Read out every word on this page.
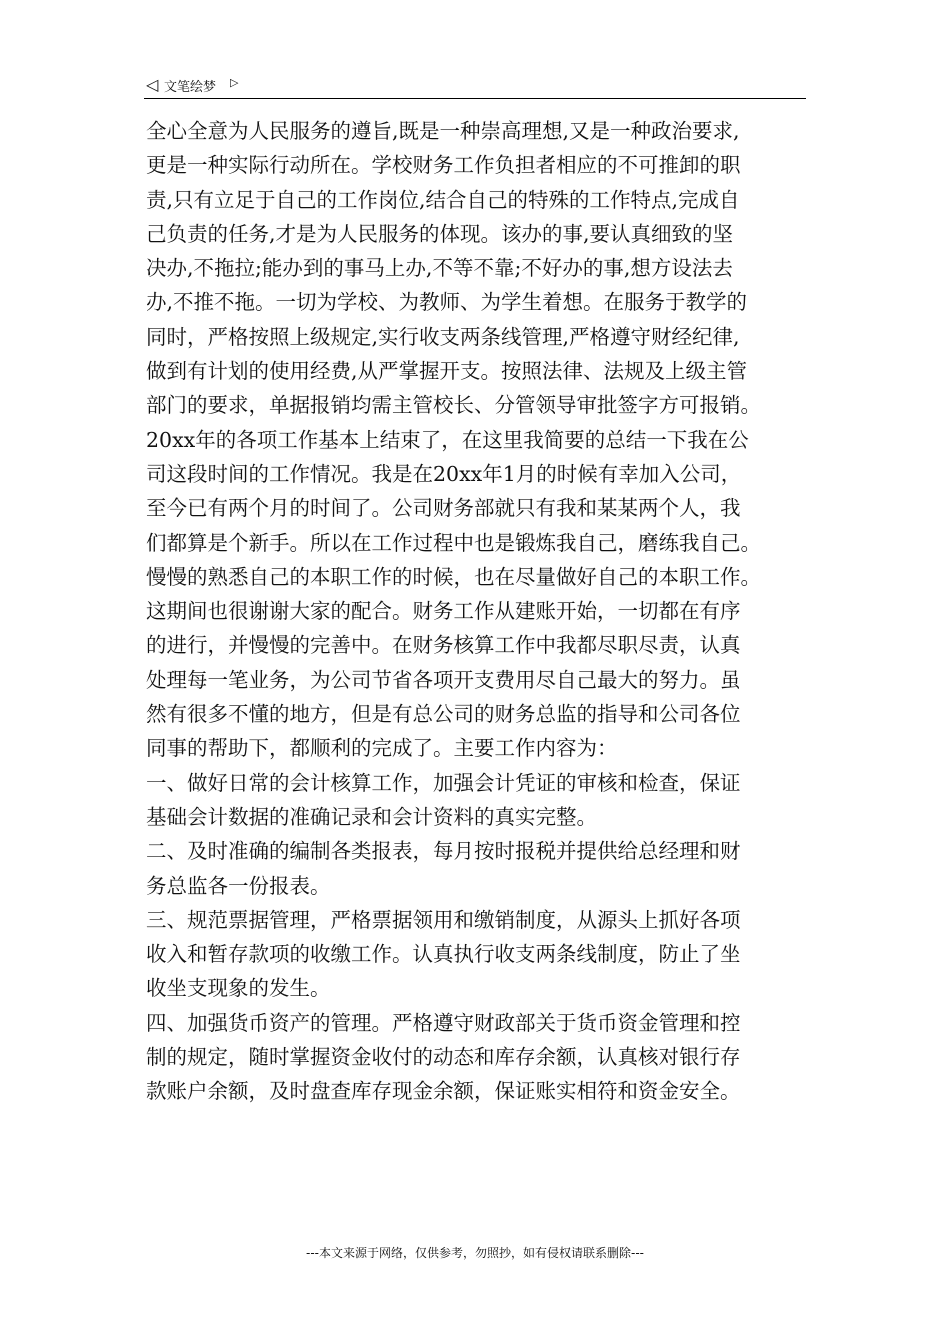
◁ 文笔绘梦 ▷
全心全意为人民服务的遵旨,既是一种崇高理想,又是一种政治要求,
更是一种实际行动所在。学校财务工作负担者相应的不可推卸的职
责,只有立足于自己的工作岗位,结合自己的特殊的工作特点,完成自
己负责的任务,才是为人民服务的体现。该办的事,要认真细致的坚
决办,不拖拉;能办到的事马上办,不等不靠;不好办的事,想方设法去
办,不推不拖。一切为学校、为教师、为学生着想。在服务于教学的
同时，严格按照上级规定,实行收支两条线管理,严格遵守财经纪律,
做到有计划的使用经费,从严掌握开支。按照法律、法规及上级主管
部门的要求，单据报销均需主管校长、分管领导审批签字方可报销。
20xx年的各项工作基本上结束了，在这里我简要的总结一下我在公
司这段时间的工作情况。我是在20xx年1月的时候有幸加入公司，
至今已有两个月的时间了。公司财务部就只有我和某某两个人，我
们都算是个新手。所以在工作过程中也是锻炼我自己，磨练我自己。
慢慢的熟悉自己的本职工作的时候，也在尽量做好自己的本职工作。
这期间也很谢谢大家的配合。财务工作从建账开始，一切都在有序
的进行，并慢慢的完善中。在财务核算工作中我都尽职尽责，认真
处理每一笔业务，为公司节省各项开支费用尽自己最大的努力。虽
然有很多不懂的地方，但是有总公司的财务总监的指导和公司各位
同事的帮助下，都顺利的完成了。主要工作内容为：
一、做好日常的会计核算工作，加强会计凭证的审核和检查，保证
基础会计数据的准确记录和会计资料的真实完整。
二、及时准确的编制各类报表，每月按时报税并提供给总经理和财
务总监各一份报表。
三、规范票据管理，严格票据领用和缴销制度，从源头上抓好各项
收入和暂存款项的收缴工作。认真执行收支两条线制度，防止了坐
收坐支现象的发生。
四、加强货币资产的管理。严格遵守财政部关于货币资金管理和控
制的规定，随时掌握资金收付的动态和库存余额，认真核对银行存
款账户余额，及时盘查库存现金余额，保证账实相符和资金安全。
---本文来源于网络，仅供参考，勿照抄，如有侵权请联系删除---
